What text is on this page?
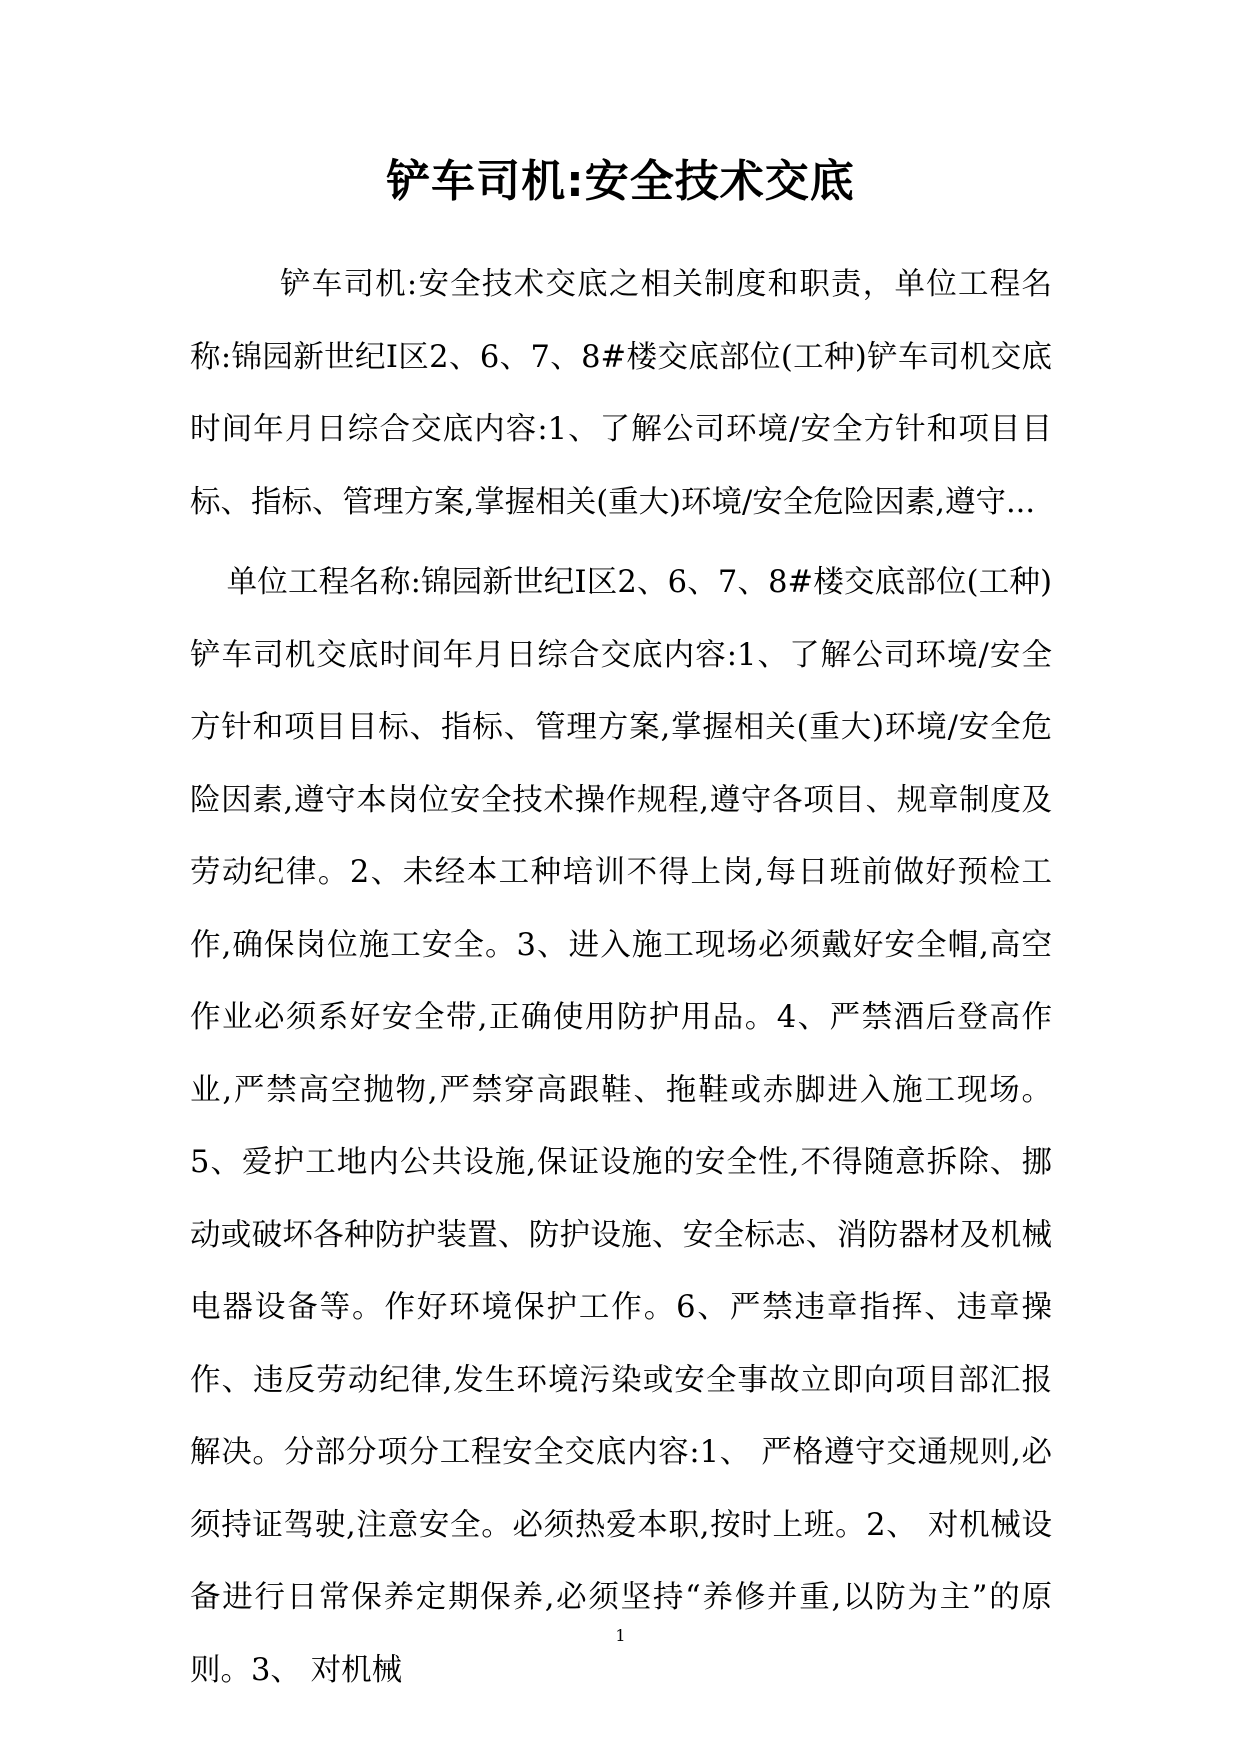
铲车司机:安全技术交底

铲车司机:安全技术交底之相关制度和职责，单位工程名称:锦园新世纪Ⅰ区2、6、7、8#楼交底部位(工种)铲车司机交底时间年月日综合交底内容:1、了解公司环境/安全方针和项目目标、指标、管理方案,掌握相关(重大)环境/安全危险因素,遵守...

单位工程名称:锦园新世纪Ⅰ区2、6、7、8#楼交底部位(工种)铲车司机交底时间年月日综合交底内容:1、了解公司环境/安全方针和项目目标、指标、管理方案,掌握相关(重大)环境/安全危险因素,遵守本岗位安全技术操作规程,遵守各项目、规章制度及劳动纪律。2、未经本工种培训不得上岗,每日班前做好预检工作,确保岗位施工安全。3、进入施工现场必须戴好安全帽,高空作业必须系好安全带,正确使用防护用品。4、严禁酒后登高作业,严禁高空抛物,严禁穿高跟鞋、拖鞋或赤脚进入施工现场。5、爱护工地内公共设施,保证设施的安全性,不得随意拆除、挪动或破坏各种防护装置、防护设施、安全标志、消防器材及机械电器设备等。作好环境保护工作。6、严禁违章指挥、违章操作、违反劳动纪律,发生环境污染或安全事故立即向项目部汇报解决。分部分项分工程安全交底内容:1、 严格遵守交通规则,必须持证驾驶,注意安全。必须热爱本职,按时上班。2、 对机械设备进行日常保养定期保养,必须坚持“养修并重,以防为主”的原则。3、 对机械

1
